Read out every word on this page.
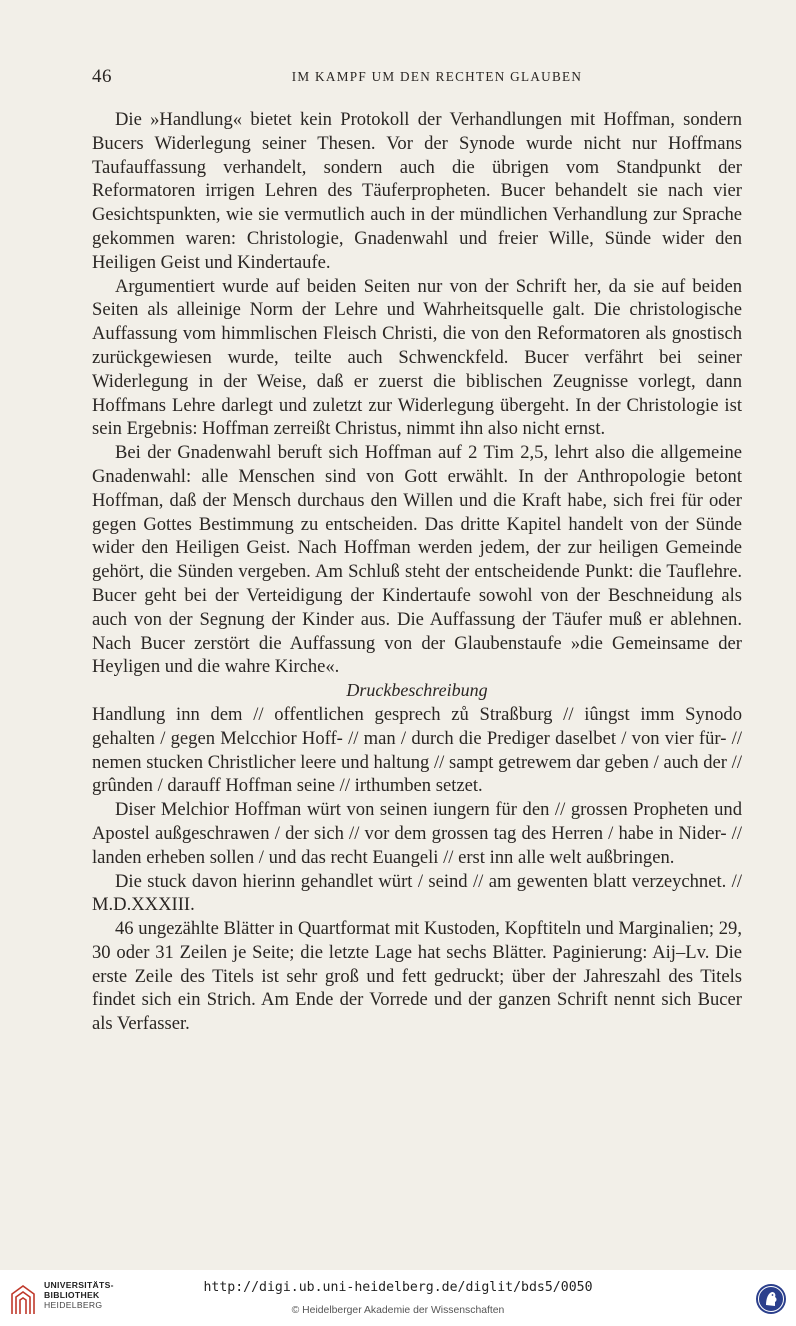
46	IM KAMPF UM DEN RECHTEN GLAUBEN

Die »Handlung« bietet kein Protokoll der Verhandlungen mit Hoffman, sondern Bucers Widerlegung seiner Thesen. Vor der Synode wurde nicht nur Hoffmans Taufauffassung verhandelt, sondern auch die übrigen vom Standpunkt der Reformatoren irrigen Lehren des Täuferpropheten. Bucer behandelt sie nach vier Gesichtspunkten, wie sie vermutlich auch in der mündlichen Verhandlung zur Sprache gekommen waren: Christologie, Gnadenwahl und freier Wille, Sünde wider den Heiligen Geist und Kindertaufe.

Argumentiert wurde auf beiden Seiten nur von der Schrift her, da sie auf beiden Seiten als alleinige Norm der Lehre und Wahrheitsquelle galt. Die christologische Auffassung vom himmlischen Fleisch Christi, die von den Reformatoren als gnostisch zurückgewiesen wurde, teilte auch Schwenckfeld. Bucer verfährt bei seiner Widerlegung in der Weise, daß er zuerst die biblischen Zeugnisse vorlegt, dann Hoffmans Lehre darlegt und zuletzt zur Widerlegung übergeht. In der Christologie ist sein Ergebnis: Hoffman zerreißt Christus, nimmt ihn also nicht ernst.

Bei der Gnadenwahl beruft sich Hoffman auf 2 Tim 2,5, lehrt also die allgemeine Gnadenwahl: alle Menschen sind von Gott erwählt. In der Anthropologie betont Hoffman, daß der Mensch durchaus den Willen und die Kraft habe, sich frei für oder gegen Gottes Bestimmung zu entscheiden. Das dritte Kapitel handelt von der Sünde wider den Heiligen Geist. Nach Hoffman werden jedem, der zur heiligen Gemeinde gehört, die Sünden vergeben. Am Schluß steht der entscheidende Punkt: die Tauflehre. Bucer geht bei der Verteidigung der Kindertaufe sowohl von der Beschneidung als auch von der Segnung der Kinder aus. Die Auffassung der Täufer muß er ablehnen. Nach Bucer zerstört die Auffassung von der Glaubenstaufe »die Gemeinsame der Heyligen und die wahre Kirche«.

Druckbeschreibung

Handlung inn dem // offentlichen gesprech zů Straßburg // iûngst imm Synodo gehalten / gegen Melcchior Hoff- // man / durch die Prediger daselbet / von vier für- // nemen stucken Christlicher leere und haltung // sampt getrewem dar geben / auch der // grûnden / darauff Hoffman seine // irthumben setzet.

Diser Melchior Hoffman würt von seinen iungern für den // grossen Propheten und Apostel außgeschrawen / der sich // vor dem grossen tag des Herren / habe in Nider- // landen erheben sollen / und das recht Euangeli // erst inn alle welt außbringen.

Die stuck davon hierinn gehandlet würt / seind // am gewenten blatt verzeychnet. // M.D.XXXIII.

46 ungezählte Blätter in Quartformat mit Kustoden, Kopftiteln und Marginalien; 29, 30 oder 31 Zeilen je Seite; die letzte Lage hat sechs Blätter. Paginierung: Aij–Lv. Die erste Zeile des Titels ist sehr groß und fett gedruckt; über der Jahreszahl des Titels findet sich ein Strich. Am Ende der Vorrede und der ganzen Schrift nennt sich Bucer als Verfasser.

UNIVERSITÄTS-
BIBLIOTHEK
HEIDELBERG
http://digi.ub.uni-heidelberg.de/diglit/bds5/0050
© Heidelberger Akademie der Wissenschaften
